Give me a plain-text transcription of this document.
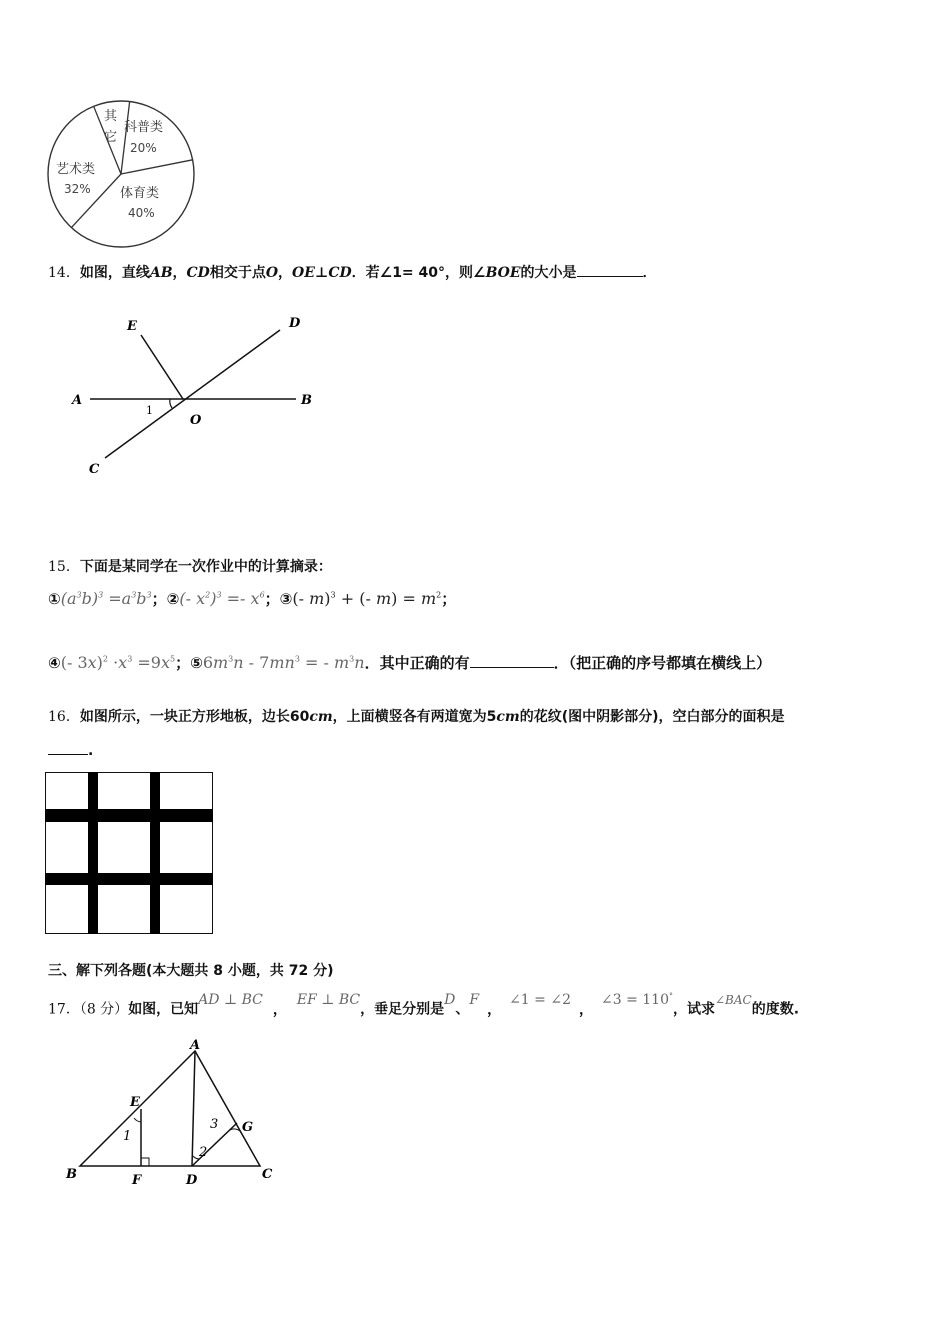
其
它
科普类
20%
体育类
40%
艺术类
32%
14．如图，直线AB，CD相交于点O，OE⊥CD．若∠1= 40°，则∠BOE的大小是	．
E	D
A	B
O
C
1
15．下面是某同学在一次作业中的计算摘录：
$①(a^3b)^3 =a^3b^3$；②(- $x^2)^3 =- x^6$；③(- m)$^3$ + (- $m) = m^2$；
④(- $3x)^2 \cdot x^3 =9x^5$；$⑤6m^3n - 7mn^3$ = - $m^3n$．其中正确的有	．（把正确的序号都填在横线上）
16．如图所示，一块正方形地板，边长60cm，上面横竖各有两道宽为5cm的花纹(图中阴影部分)，空白部分的面积是
.
三、解下列各题(本大题共 8 小题，共 72 分)
17．（8 分）如图，已知AD ⊥ BC，EF ⊥ BC，垂足分别是D、F，∠1 = ∠2，∠3 = 110°，试求∠BAC的度数.
A
E
G
B	F	D	C
1
2
3
